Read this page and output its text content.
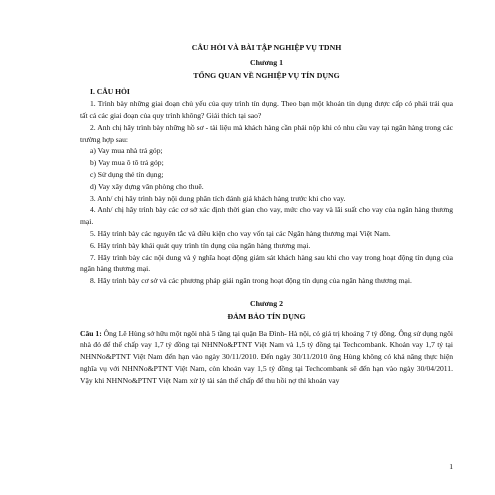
CÂU HỎI VÀ BÀI TẬP NGHIỆP VỤ TDNH
Chương 1
TỔNG QUAN VỀ NGHIỆP VỤ TÍN DỤNG
I. CÂU HỎI

1. Trình bày những giai đoạn chủ yếu của quy trình tín dụng. Theo bạn một khoản tín dụng được cấp có phải trải qua tất cả các giai đoạn của quy trình không? Giải thích tại sao?

2. Anh chị hãy trình bày những hồ sơ - tài liệu mà khách hàng cần phải nộp khi có nhu cầu vay tại ngân hàng trong các trường hợp sau:

a) Vay mua nhà trả góp;

b) Vay mua ô tô trả góp;

c) Sử dụng thẻ tín dụng;

d) Vay xây dựng văn phòng cho thuê.

3. Anh/ chị hãy trình bày nội dung phân tích đánh giá khách hàng trước khi cho vay.

4. Anh/ chị hãy trình bày các cơ sở xác định thời gian cho vay, mức cho vay và lãi suất cho vay của ngân hàng thương mại.

5. Hãy trình bày các nguyên tắc và điều kiện cho vay vốn tại các Ngân hàng thương mại Việt Nam.

6. Hãy trình bày khái quát quy trình tín dụng của ngân hàng thương mại.

7. Hãy trình bày các nội dung và ý nghĩa hoạt động giám sát khách hàng sau khi cho vay trong hoạt động tín dụng của ngân hàng thương mại.

8. Hãy trình bày cơ sở và các phương pháp giải ngân trong hoạt động tín dụng của ngân hàng thương mại.

Chương 2
ĐẢM BẢO TÍN DỤNG

Câu 1: Ông Lê Hùng sở hữu một ngôi nhà 5 tầng tại quận Ba Đình- Hà nội, có giá trị khoảng 7 tỷ đồng. Ông sử dụng ngôi nhà đó để thế chấp vay 1,7 tỷ đồng tại NHNNo&PTNT Việt Nam và 1,5 tỷ đồng tại Techcombank. Khoản vay 1,7 tỷ tại NHNNo&PTNT Việt Nam đến hạn vào ngày 30/11/2010. Đến ngày 30/11/2010 ông Hùng không có khả năng thực hiện nghĩa vụ với NHNNo&PTNT Việt Nam, còn khoản vay 1,5 tỷ đồng tại Techcombank sẽ đến hạn vào ngày 30/04/2011. Vậy khi NHNNo&PTNT Việt Nam xử lý tài sản thế chấp để thu hồi nợ thì khoản vay

1
